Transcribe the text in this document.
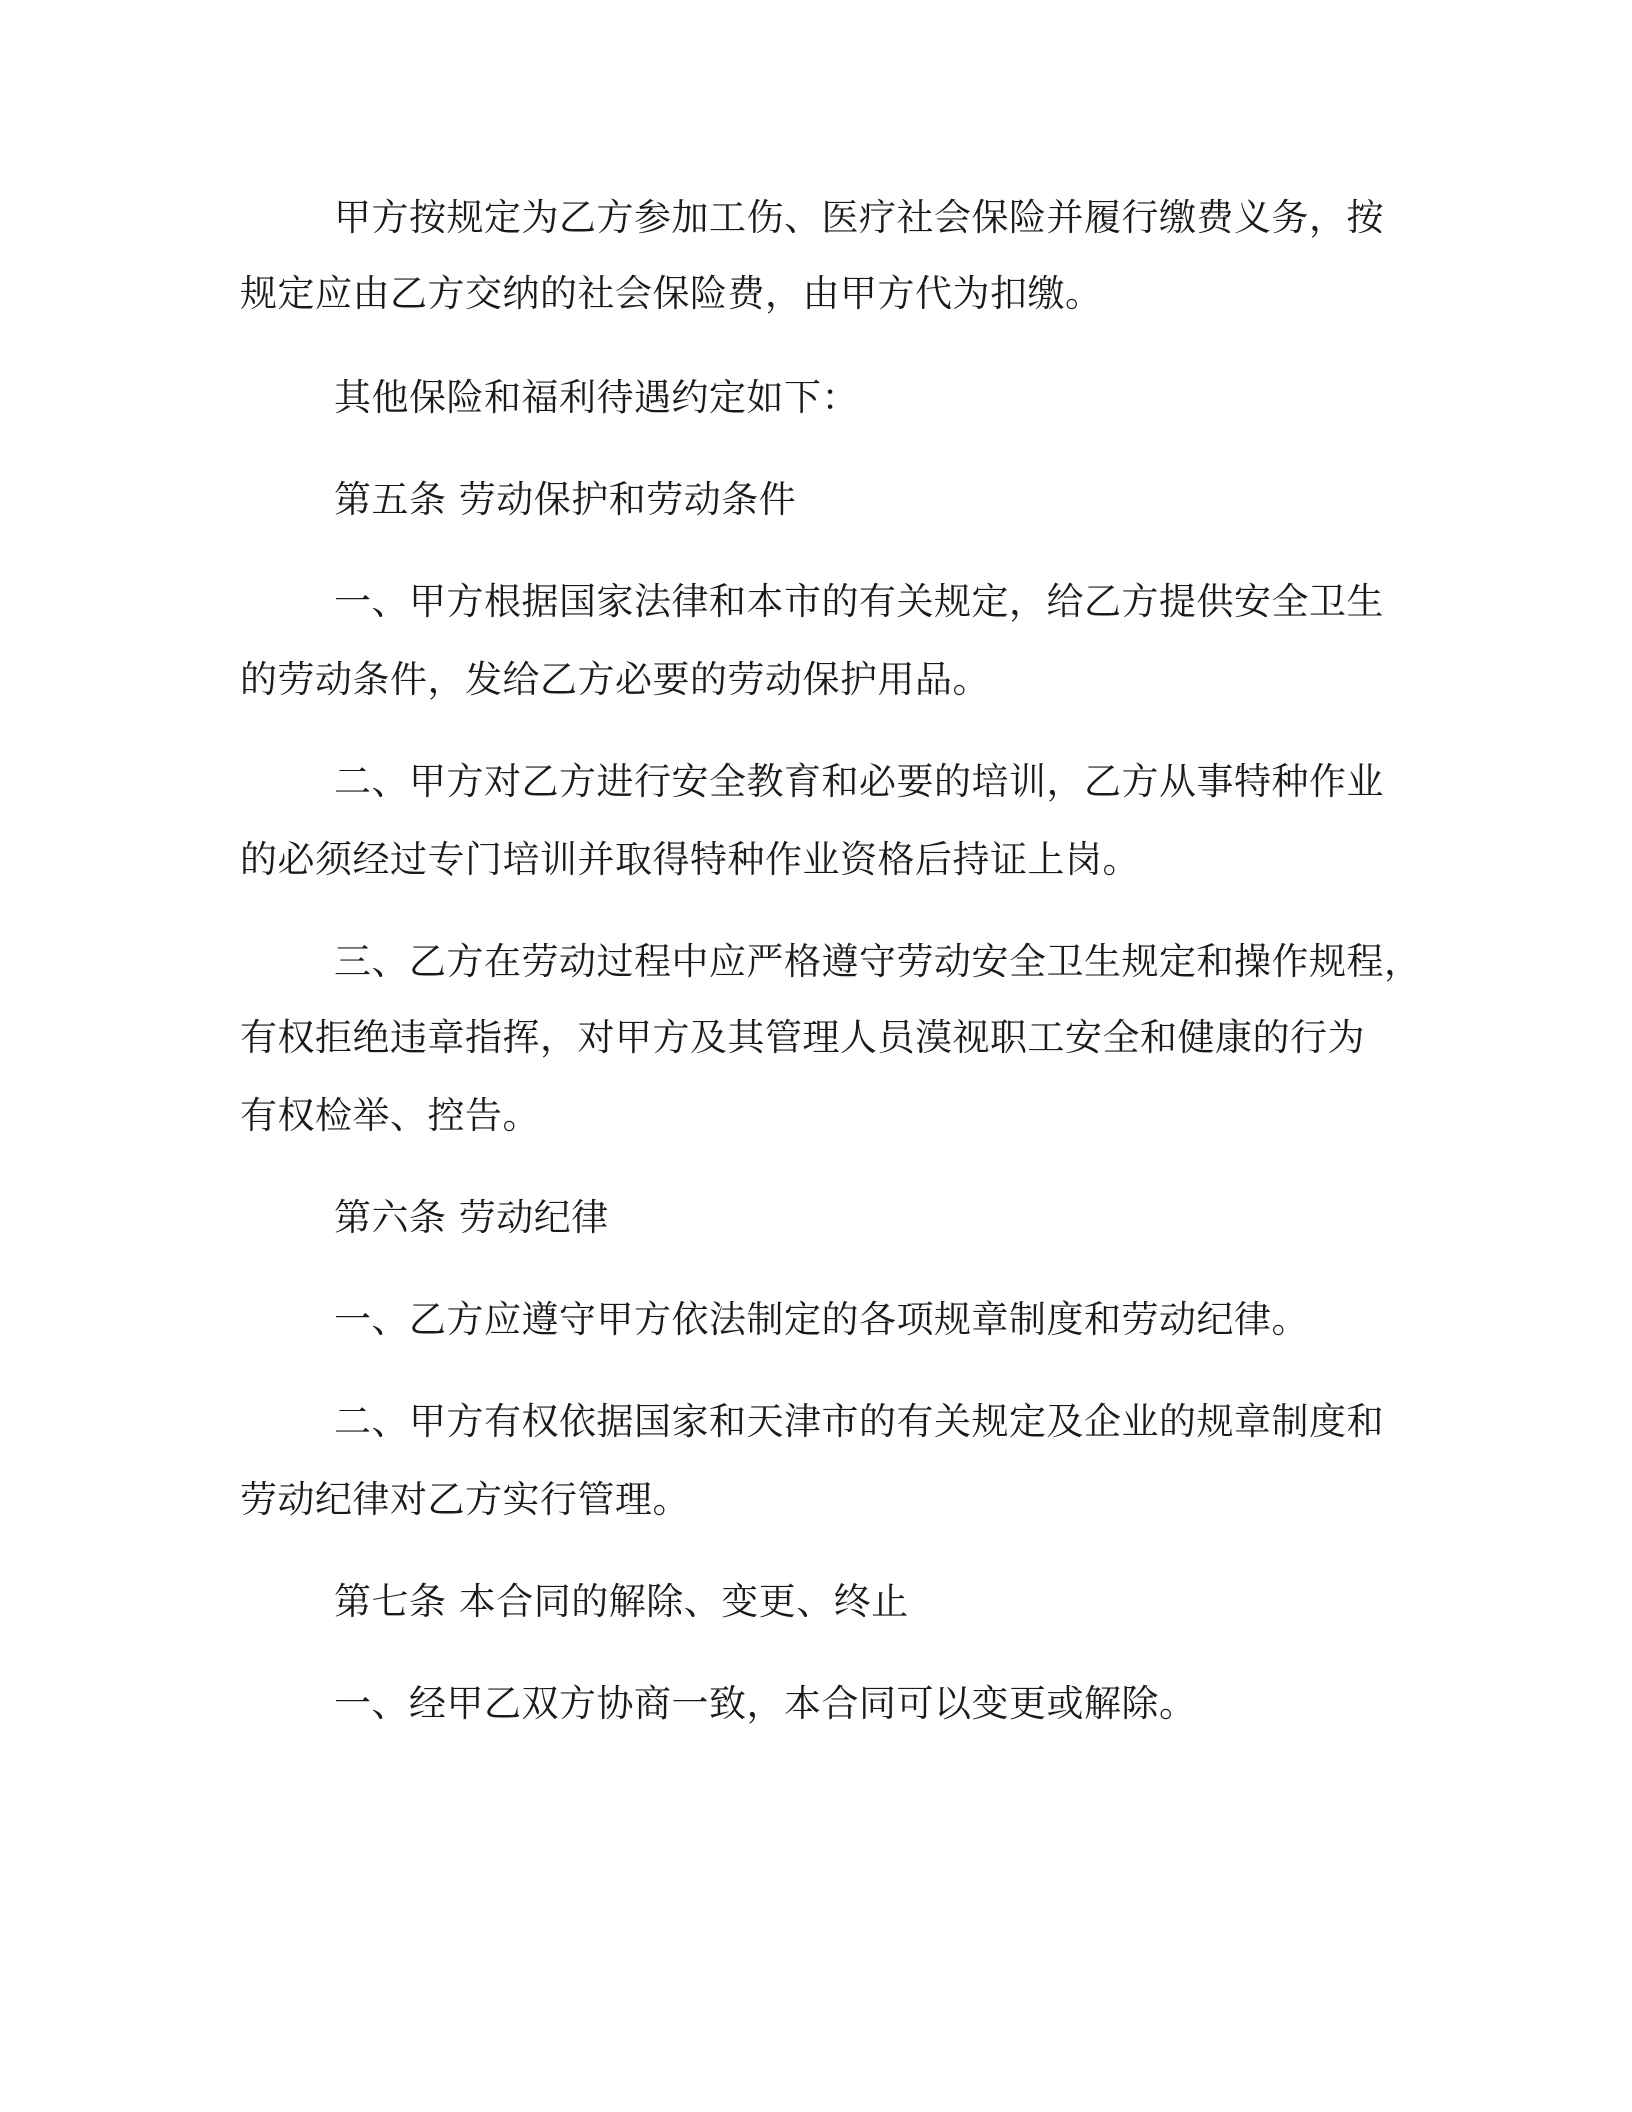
甲方按规定为乙方参加工伤、医疗社会保险并履行缴费义务，按
规定应由乙方交纳的社会保险费，由甲方代为扣缴。
其他保险和福利待遇约定如下：
第五条 劳动保护和劳动条件
一、甲方根据国家法律和本市的有关规定，给乙方提供安全卫生
的劳动条件，发给乙方必要的劳动保护用品。
二、甲方对乙方进行安全教育和必要的培训，乙方从事特种作业
的必须经过专门培训并取得特种作业资格后持证上岗。
三、乙方在劳动过程中应严格遵守劳动安全卫生规定和操作规程，
有权拒绝违章指挥，对甲方及其管理人员漠视职工安全和健康的行为
有权检举、控告。
第六条 劳动纪律
一、乙方应遵守甲方依法制定的各项规章制度和劳动纪律。
二、甲方有权依据国家和天津市的有关规定及企业的规章制度和
劳动纪律对乙方实行管理。
第七条 本合同的解除、变更、终止
一、经甲乙双方协商一致，本合同可以变更或解除。
